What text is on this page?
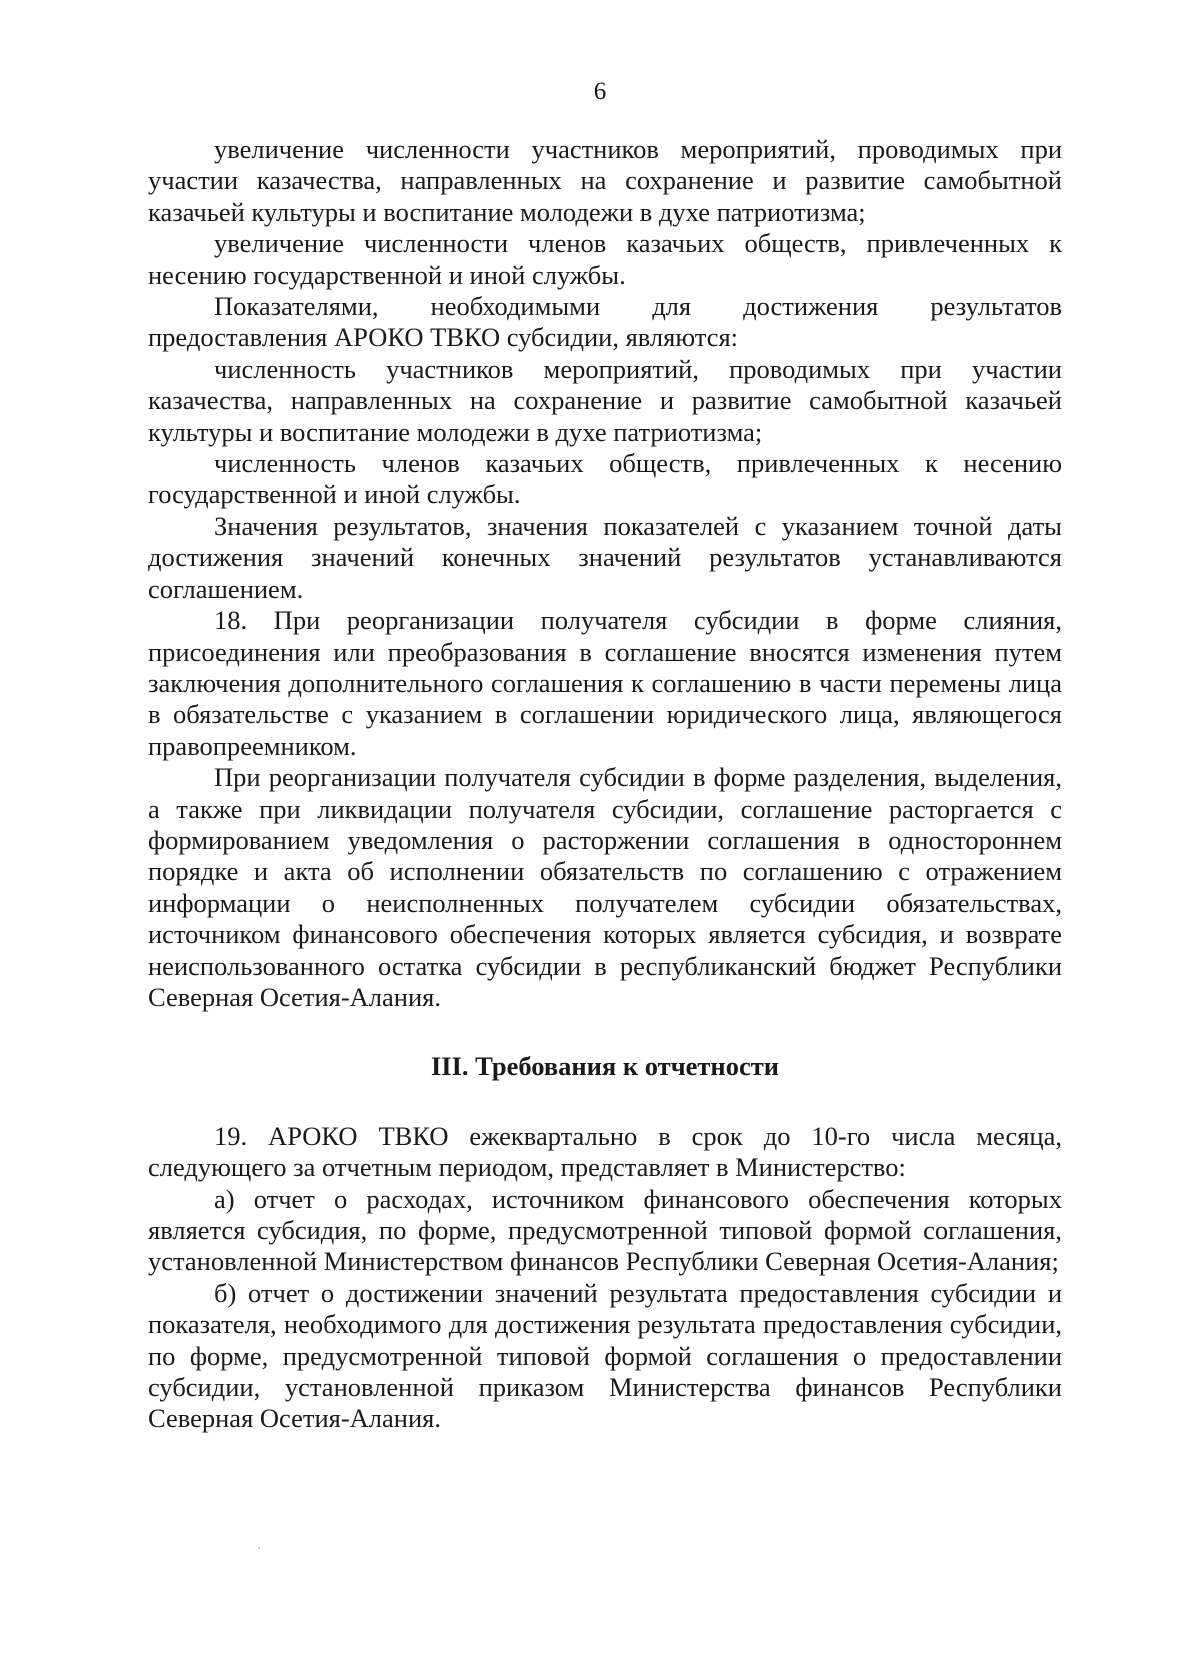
6

увеличение численности участников мероприятий, проводимых при участии казачества, направленных на сохранение и развитие самобытной казачьей культуры и воспитание молодежи в духе патриотизма;

увеличение численности членов казачьих обществ, привлеченных к несению государственной и иной службы.

Показателями, необходимыми для достижения результатов предоставления АРОКО ТВКО субсидии, являются:

численность участников мероприятий, проводимых при участии казачества, направленных на сохранение и развитие самобытной казачьей культуры и воспитание молодежи в духе патриотизма;

численность членов казачьих обществ, привлеченных к несению государственной и иной службы.

Значения результатов, значения показателей с указанием точной даты достижения значений конечных значений результатов устанавливаются соглашением.

18. При реорганизации получателя субсидии в форме слияния, присоединения или преобразования в соглашение вносятся изменения путем заключения дополнительного соглашения к соглашению в части перемены лица в обязательстве с указанием в соглашении юридического лица, являющегося правопреемником.

При реорганизации получателя субсидии в форме разделения, выделения, а также при ликвидации получателя субсидии, соглашение расторгается с формированием уведомления о расторжении соглашения в одностороннем порядке и акта об исполнении обязательств по соглашению с отражением информации о неисполненных получателем субсидии обязательствах, источником финансового обеспечения которых является субсидия, и возврате неиспользованного остатка субсидии в республиканский бюджет Республики Северная Осетия-Алания.

III. Требования к отчетности

19. АРОКО ТВКО ежеквартально в срок до 10-го числа месяца, следующего за отчетным периодом, представляет в Министерство:

а) отчет о расходах, источником финансового обеспечения которых является субсидия, по форме, предусмотренной типовой формой соглашения, установленной Министерством финансов Республики Северная Осетия-Алания;

б) отчет о достижении значений результата предоставления субсидии и показателя, необходимого для достижения результата предоставления субсидии, по форме, предусмотренной типовой формой соглашения о предоставлении субсидии, установленной приказом Министерства финансов Республики Северная Осетия-Алания.
